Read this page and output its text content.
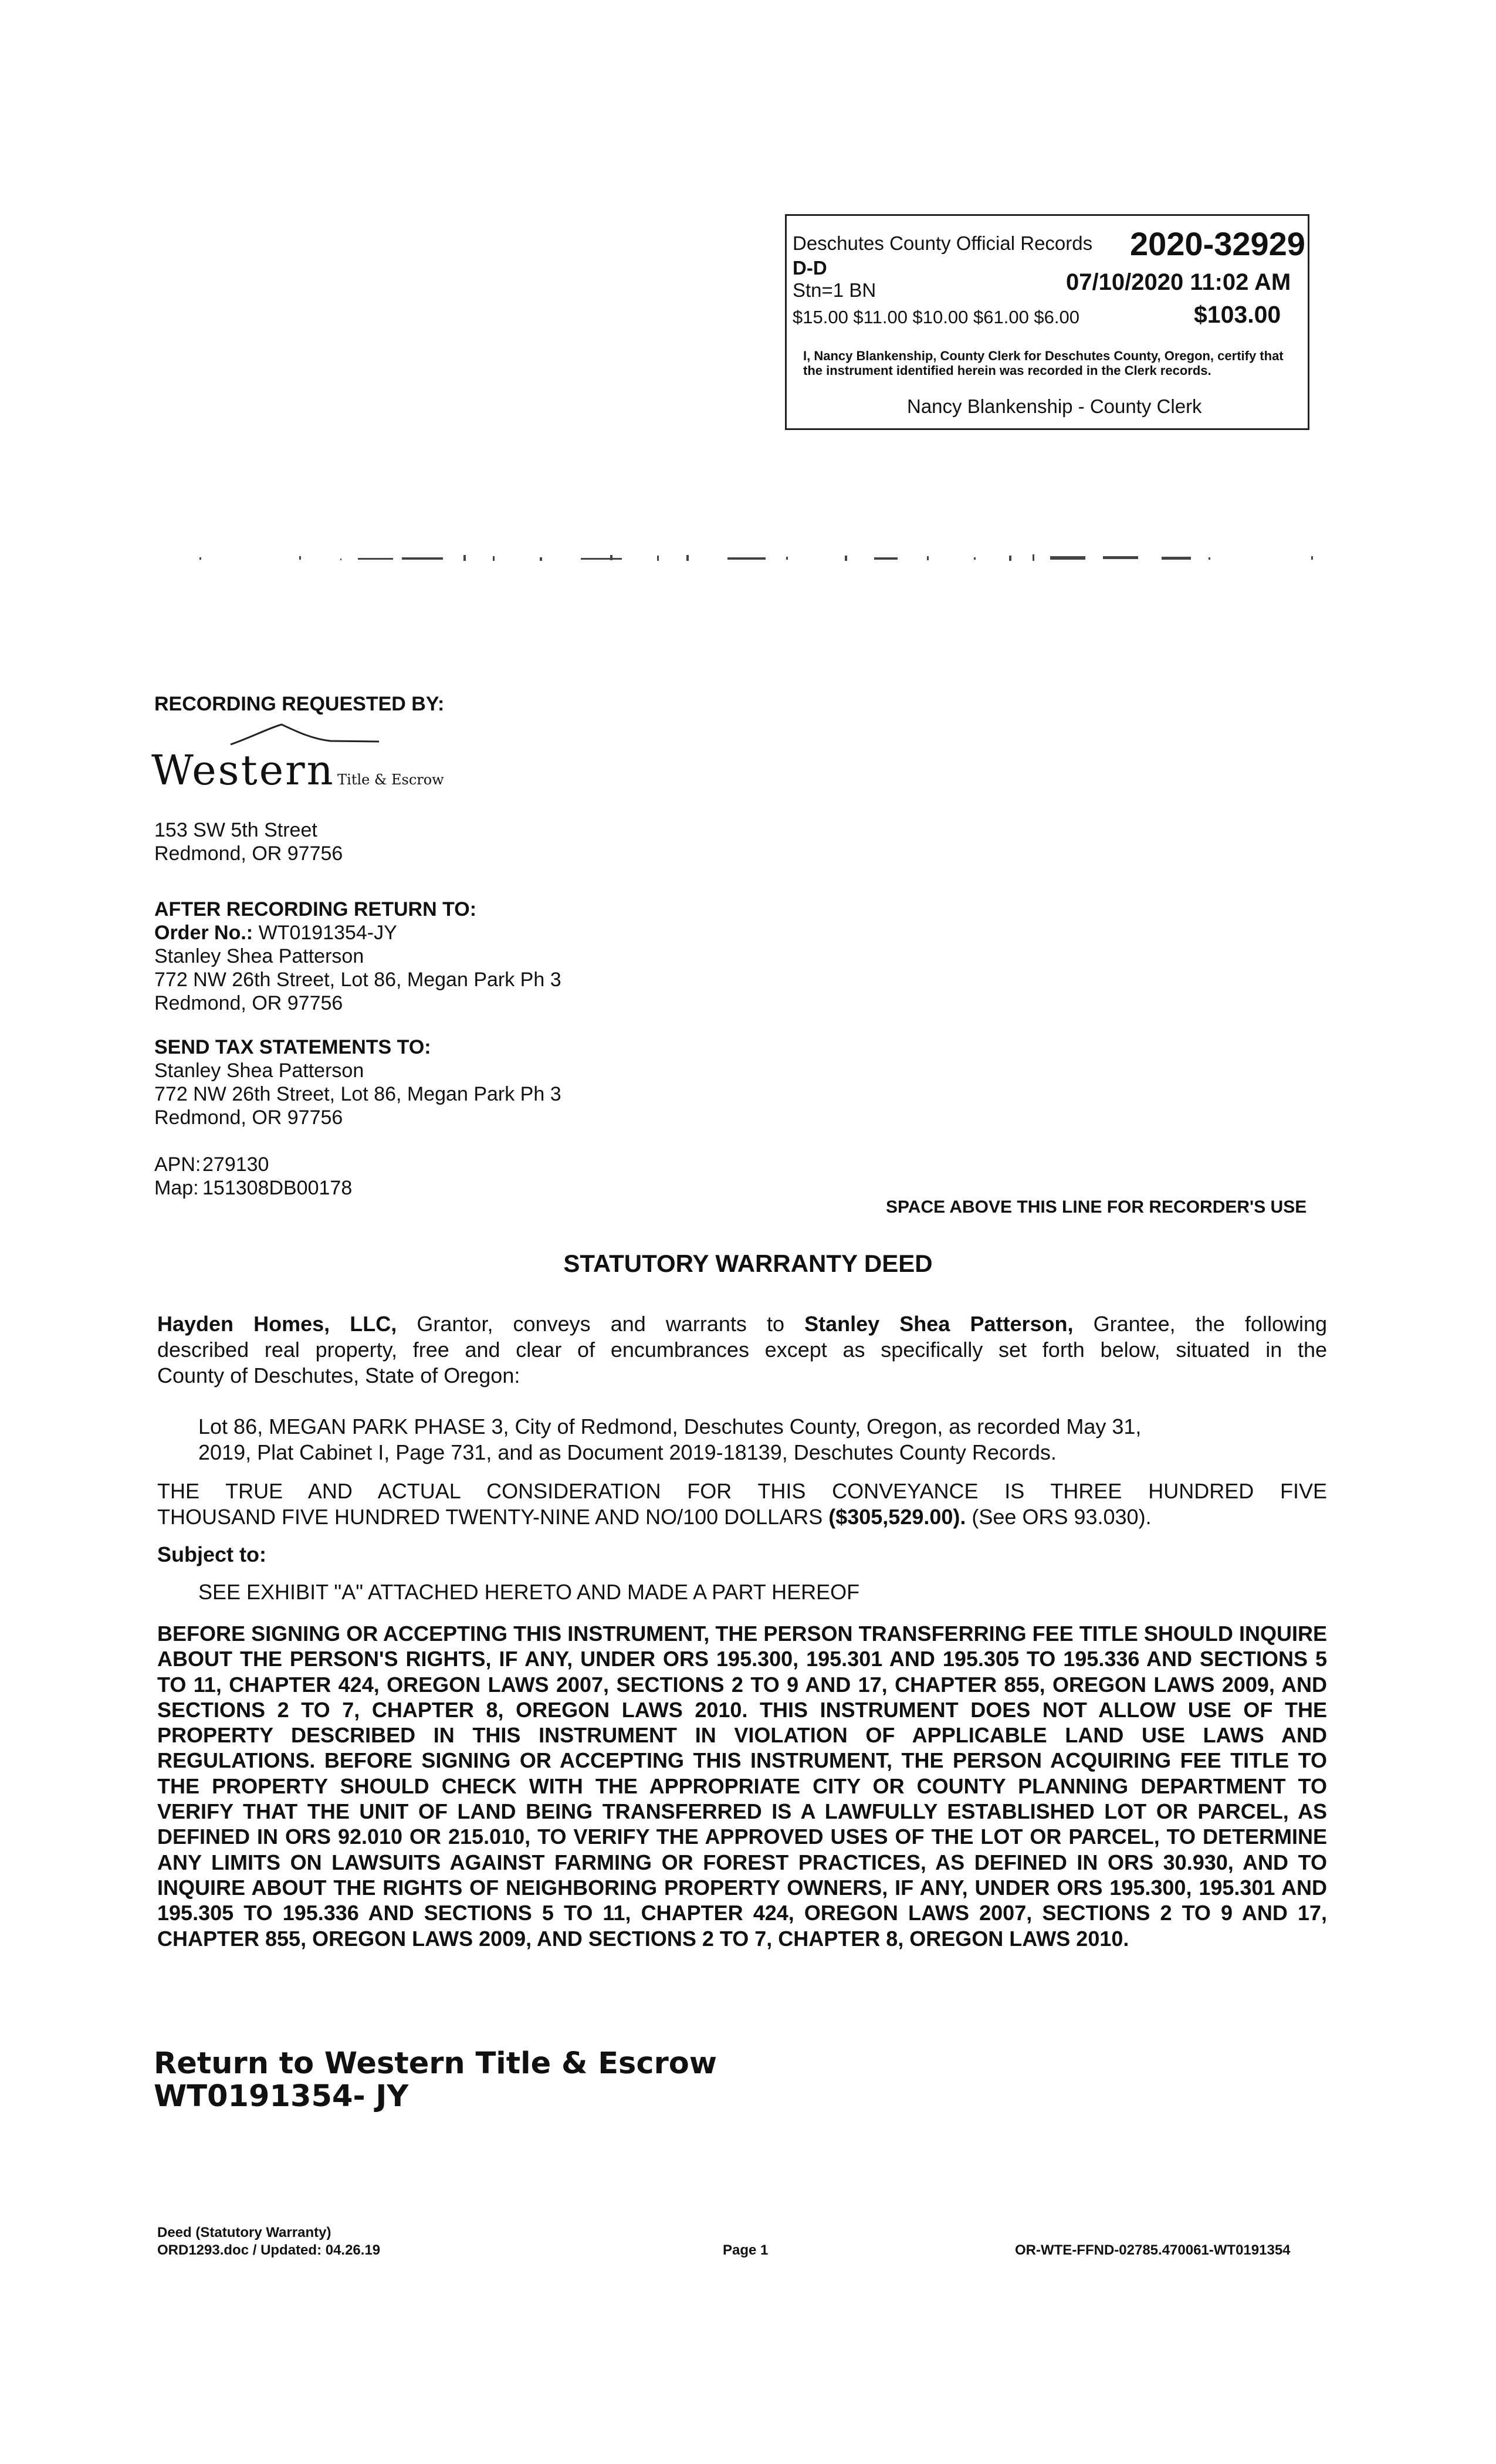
Deschutes County Official Records 2020-32929
D-D
Stn=1 BN	07/10/2020 11:02 AM
$15.00 $11.00 $10.00 $61.00 $6.00	$103.00
I, Nancy Blankenship, County Clerk for Deschutes County, Oregon, certify that the instrument identified herein was recorded in the Clerk records.
Nancy Blankenship - County Clerk
RECORDING REQUESTED BY:
Western Title & Escrow
153 SW 5th Street
Redmond, OR 97756
AFTER RECORDING RETURN TO:
Order No.: WT0191354-JY
Stanley Shea Patterson
772 NW 26th Street, Lot 86, Megan Park Ph 3
Redmond, OR 97756
SEND TAX STATEMENTS TO:
Stanley Shea Patterson
772 NW 26th Street, Lot 86, Megan Park Ph 3
Redmond, OR 97756
APN:279130
Map: 151308DB00178
SPACE ABOVE THIS LINE FOR RECORDER'S USE
STATUTORY WARRANTY DEED
Hayden Homes, LLC, Grantor, conveys and warrants to Stanley Shea Patterson, Grantee, the following
described real property, free and clear of encumbrances except as specifically set forth below, situated in the
County of Deschutes, State of Oregon:
Lot 86, MEGAN PARK PHASE 3, City of Redmond, Deschutes County, Oregon, as recorded May 31,
2019, Plat Cabinet I, Page 731, and as Document 2019-18139, Deschutes County Records.
THE TRUE AND ACTUAL CONSIDERATION FOR THIS CONVEYANCE IS THREE HUNDRED FIVE
THOUSAND FIVE HUNDRED TWENTY-NINE AND NO/100 DOLLARS ($305,529.00). (See ORS 93.030).
Subject to:
SEE EXHIBIT "A" ATTACHED HERETO AND MADE A PART HEREOF
BEFORE SIGNING OR ACCEPTING THIS INSTRUMENT, THE PERSON TRANSFERRING FEE TITLE SHOULD INQUIRE ABOUT THE PERSON'S RIGHTS, IF ANY, UNDER ORS 195.300, 195.301 AND 195.305 TO 195.336 AND SECTIONS 5 TO 11, CHAPTER 424, OREGON LAWS 2007, SECTIONS 2 TO 9 AND 17, CHAPTER 855, OREGON LAWS 2009, AND SECTIONS 2 TO 7, CHAPTER 8, OREGON LAWS 2010. THIS INSTRUMENT DOES NOT ALLOW USE OF THE PROPERTY DESCRIBED IN THIS INSTRUMENT IN VIOLATION OF APPLICABLE LAND USE LAWS AND REGULATIONS. BEFORE SIGNING OR ACCEPTING THIS INSTRUMENT, THE PERSON ACQUIRING FEE TITLE TO THE PROPERTY SHOULD CHECK WITH THE APPROPRIATE CITY OR COUNTY PLANNING DEPARTMENT TO VERIFY THAT THE UNIT OF LAND BEING TRANSFERRED IS A LAWFULLY ESTABLISHED LOT OR PARCEL, AS DEFINED IN ORS 92.010 OR 215.010, TO VERIFY THE APPROVED USES OF THE LOT OR PARCEL, TO DETERMINE ANY LIMITS ON LAWSUITS AGAINST FARMING OR FOREST PRACTICES, AS DEFINED IN ORS 30.930, AND TO INQUIRE ABOUT THE RIGHTS OF NEIGHBORING PROPERTY OWNERS, IF ANY, UNDER ORS 195.300, 195.301 AND 195.305 TO 195.336 AND SECTIONS 5 TO 11, CHAPTER 424, OREGON LAWS 2007, SECTIONS 2 TO 9 AND 17, CHAPTER 855, OREGON LAWS 2009, AND SECTIONS 2 TO 7, CHAPTER 8, OREGON LAWS 2010.
Return to Western Title & Escrow
WT0191354- JY
Deed (Statutory Warranty)
ORD1293.doc / Updated: 04.26.19	Page 1	OR-WTE-FFND-02785.470061-WT0191354
